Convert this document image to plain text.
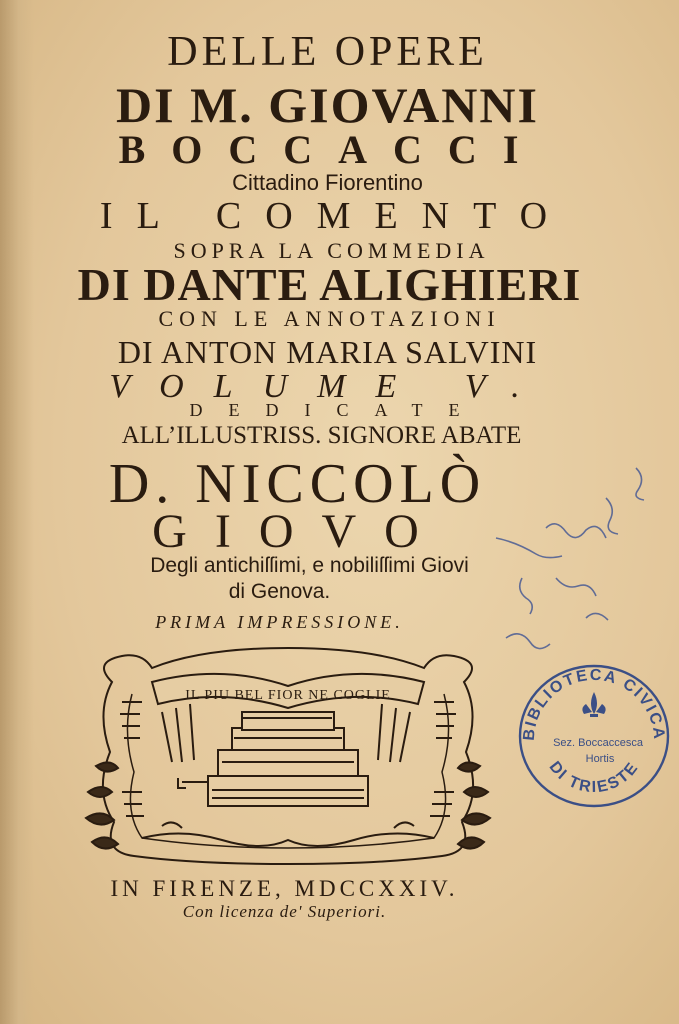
DELLE OPERE
DI M. GIOVANNI
BOCCACCI
Cittadino Fiorentino
IL COMENTO
SOPRA LA COMMEDIA
DI DANTE ALIGHIERI
CON LE ANNOTAZIONI
DI ANTON MARIA SALVINI
VOLUME V.
DEDICATE
ALL’ILLUSTRISS. SIGNORE ABATE
D. NICCOLÒ
GIOVO
Degli antichiſſimi, e nobiliſſimi Giovi
di Genova.
PRIMA IMPRESSIONE.
IL PIU BEL FIOR NE COGLIE
IN FIRENZE, MDCCXXIV.
Con licenza de' Superiori.
BIBLIOTECA CIVICA
DI TRIESTE
Sez. Boccaccesca
Hortis
